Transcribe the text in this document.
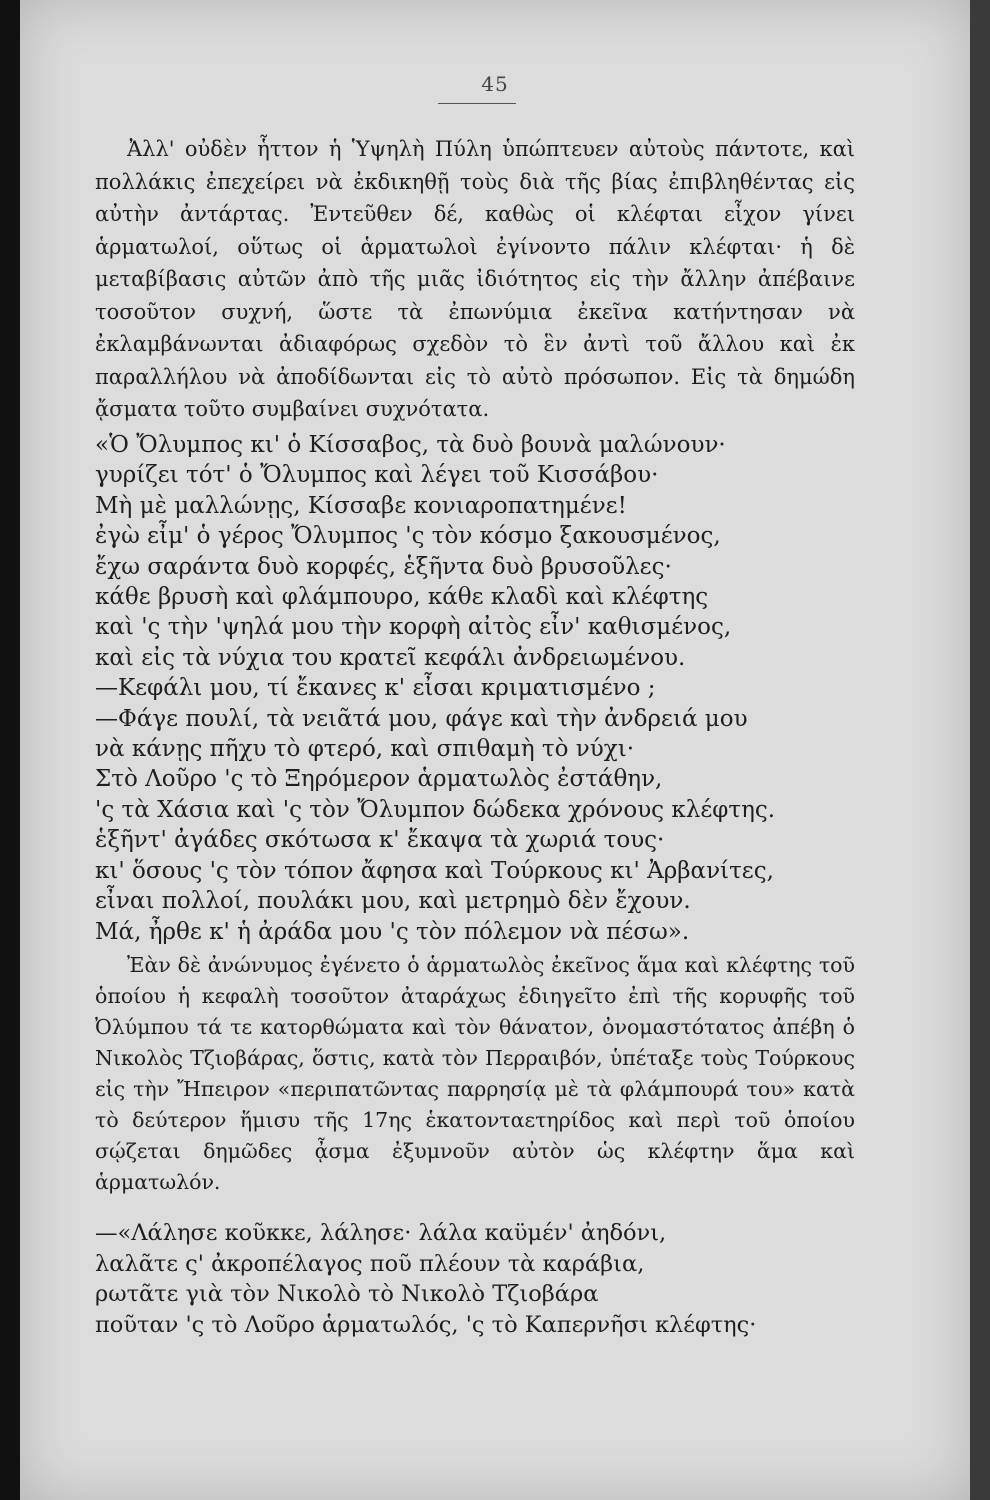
45

Ἀλλ' οὐδὲν ἧττον ἡ Ὑψηλὴ Πύλη ὑπώπτευεν αὐτοὺς πάντοτε, καὶ πολλάκις ἐπεχείρει νὰ ἐκδικηθῇ τοὺς διὰ τῆς βίας ἐπιβληθέντας εἰς αὐτὴν ἀντάρτας. Ἐντεῦθεν δέ, καθὼς οἱ κλέφται εἶχον γίνει ἁρματωλοί, οὕτως οἱ ἁρματωλοὶ ἐγίνοντο πάλιν κλέφται· ἡ δὲ μεταβίβασις αὐτῶν ἀπὸ τῆς μιᾶς ἰδιότητος εἰς τὴν ἄλλην ἀπέβαινε τοσοῦτον συχνή, ὥστε τὰ ἐπωνύμια ἐκεῖνα κατήντησαν νὰ ἐκλαμβάνωνται ἀδιαφόρως σχεδὸν τὸ ἓν ἀντὶ τοῦ ἄλλου καὶ ἐκ παραλλήλου νὰ ἀποδίδωνται εἰς τὸ αὐτὸ πρόσωπον. Εἰς τὰ δημώδη ᾄσματα τοῦτο συμβαίνει συχνότατα.

«Ὁ Ὄλυμπος κι' ὁ Κίσσαβος, τὰ δυὸ βουνὰ μαλώνουν·
γυρίζει τότ' ὁ Ὄλυμπος καὶ λέγει τοῦ Κισσάβου·
Μὴ μὲ μαλλώνῃς, Κίσσαβε κονιαροπατημένε!
ἐγὼ εἶμ' ὁ γέρος Ὄλυμπος 'ς τὸν κόσμο ξακουσμένος,
ἔχω σαράντα δυὸ κορφές, ἑξῆντα δυὸ βρυσοῦλες·
κάθε βρυσὴ καὶ φλάμπουρο, κάθε κλαδὶ καὶ κλέφτης
καὶ 'ς τὴν 'ψηλά μου τὴν κορφὴ αἰτὸς εἶν' καθισμένος,
καὶ εἰς τὰ νύχια του κρατεῖ κεφάλι ἀνδρειωμένου.
—Κεφάλι μου, τί ἔκανες κ' εἶσαι κριματισμένο ;
—Φάγε πουλί, τὰ νειᾶτά μου, φάγε καὶ τὴν ἀνδρειά μου
νὰ κάνῃς πῆχυ τὸ φτερό, καὶ σπιθαμὴ τὸ νύχι·
Στὸ Λοῦρο 'ς τὸ Ξηρόμερον ἁρματωλὸς ἐστάθην,
'ς τὰ Χάσια καὶ 'ς τὸν Ὄλυμπον δώδεκα χρόνους κλέφτης.
ἑξῆντ' ἀγάδες σκότωσα κ' ἔκαψα τὰ χωριά τους·
κι' ὅσους 'ς τὸν τόπον ἄφησα καὶ Τούρκους κι' Ἀρβανίτες,
εἶναι πολλοί, πουλάκι μου, καὶ μετρημὸ δὲν ἔχουν.
Μά, ἦρθε κ' ἡ ἀράδα μου 'ς τὸν πόλεμον νὰ πέσω».

Ἐὰν δὲ ἀνώνυμος ἐγένετο ὁ ἁρματωλὸς ἐκεῖνος ἅμα καὶ κλέφτης τοῦ ὁποίου ἡ κεφαλὴ τοσοῦτον ἀταράχως ἐδιηγεῖτο ἐπὶ τῆς κορυφῆς τοῦ Ὀλύμπου τά τε κατορθώματα καὶ τὸν θάνατον, ὀνομαστότατος ἀπέβη ὁ Νικολὸς Τζιοβάρας, ὅστις, κατὰ τὸν Περραιβόν, ὑπέταξε τοὺς Τούρκους εἰς τὴν Ἤπειρον «περιπατῶντας παρρησίᾳ μὲ τὰ φλάμπουρά του» κατὰ τὸ δεύτερον ἥμισυ τῆς 17ης ἑκατονταετηρίδος καὶ περὶ τοῦ ὁποίου σῴζεται δημῶδες ᾆσμα ἐξυμνοῦν αὐτὸν ὡς κλέφτην ἅμα καὶ ἁρματωλόν.

—«Λάλησε κοῦκκε, λάλησε· λάλα καϋμέν' ἀηδόνι,
λαλᾶτε ς' ἀκροπέλαγος ποῦ πλέουν τὰ καράβια,
ρωτᾶτε γιὰ τὸν Νικολὸ τὸ Νικολὸ Τζιοβάρα
ποῦταν 'ς τὸ Λοῦρο ἁρματωλός, 'ς τὸ Καπερνῆσι κλέφτης·
